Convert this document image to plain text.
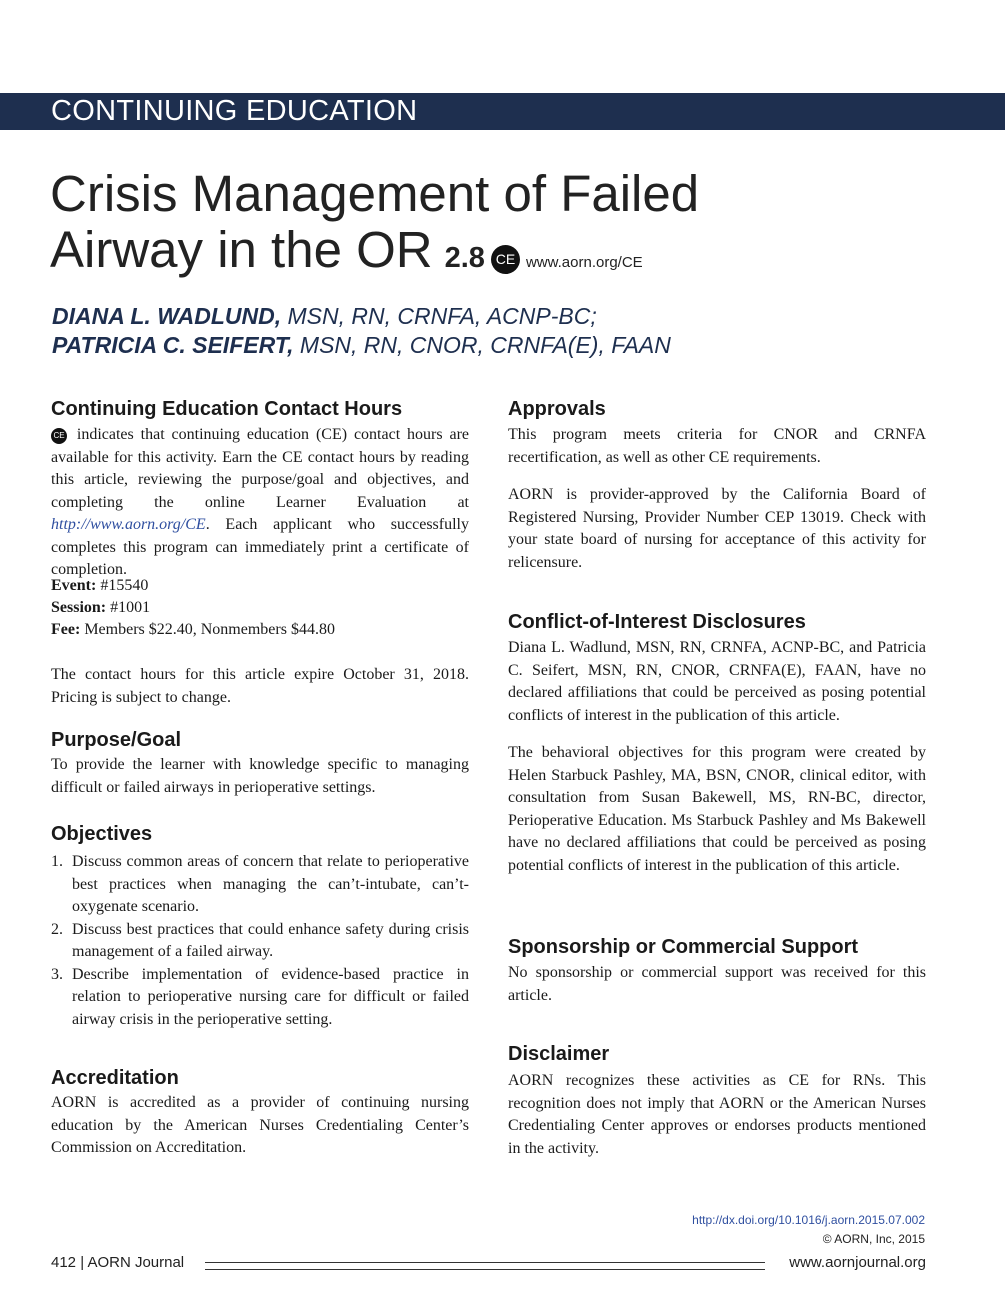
CONTINUING EDUCATION
Crisis Management of Failed
Airway in the OR 2.8 CE www.aorn.org/CE
DIANA L. WADLUND, MSN, RN, CRNFA, ACNP-BC;
PATRICIA C. SEIFERT, MSN, RN, CNOR, CRNFA(E), FAAN
Continuing Education Contact Hours

CE indicates that continuing education (CE) contact hours are available for this activity. Earn the CE contact hours by reading this article, reviewing the purpose/goal and objectives, and completing the online Learner Evaluation at http://www.aorn.org/CE. Each applicant who successfully completes this program can immediately print a certificate of completion.

Event: #15540
Session: #1001
Fee: Members $22.40, Nonmembers $44.80

The contact hours for this article expire October 31, 2018. Pricing is subject to change.

Purpose/Goal

To provide the learner with knowledge specific to managing difficult or failed airways in perioperative settings.

Objectives
1. Discuss common areas of concern that relate to perioperative best practices when managing the can’t-intubate, can’t-oxygenate scenario.
2. Discuss best practices that could enhance safety during crisis management of a failed airway.
3. Describe implementation of evidence-based practice in relation to perioperative nursing care for difficult or failed airway crisis in the perioperative setting.
Accreditation

AORN is accredited as a provider of continuing nursing education by the American Nurses Credentialing Center’s Commission on Accreditation.

Approvals

This program meets criteria for CNOR and CRNFA recertification, as well as other CE requirements.

AORN is provider-approved by the California Board of Registered Nursing, Provider Number CEP 13019. Check with your state board of nursing for acceptance of this activity for relicensure.

Conflict-of-Interest Disclosures

Diana L. Wadlund, MSN, RN, CRNFA, ACNP-BC, and Patricia C. Seifert, MSN, RN, CNOR, CRNFA(E), FAAN, have no declared affiliations that could be perceived as posing potential conflicts of interest in the publication of this article.

The behavioral objectives for this program were created by Helen Starbuck Pashley, MA, BSN, CNOR, clinical editor, with consultation from Susan Bakewell, MS, RN-BC, director, Perioperative Education. Ms Starbuck Pashley and Ms Bakewell have no declared affiliations that could be perceived as posing potential conflicts of interest in the publication of this article.

Sponsorship or Commercial Support

No sponsorship or commercial support was received for this article.

Disclaimer

AORN recognizes these activities as CE for RNs. This recognition does not imply that AORN or the American Nurses Credentialing Center approves or endorses products mentioned in the activity.

http://dx.doi.org/10.1016/j.aorn.2015.07.002
© AORN, Inc, 2015
412 | AORN Journal	www.aornjournal.org
